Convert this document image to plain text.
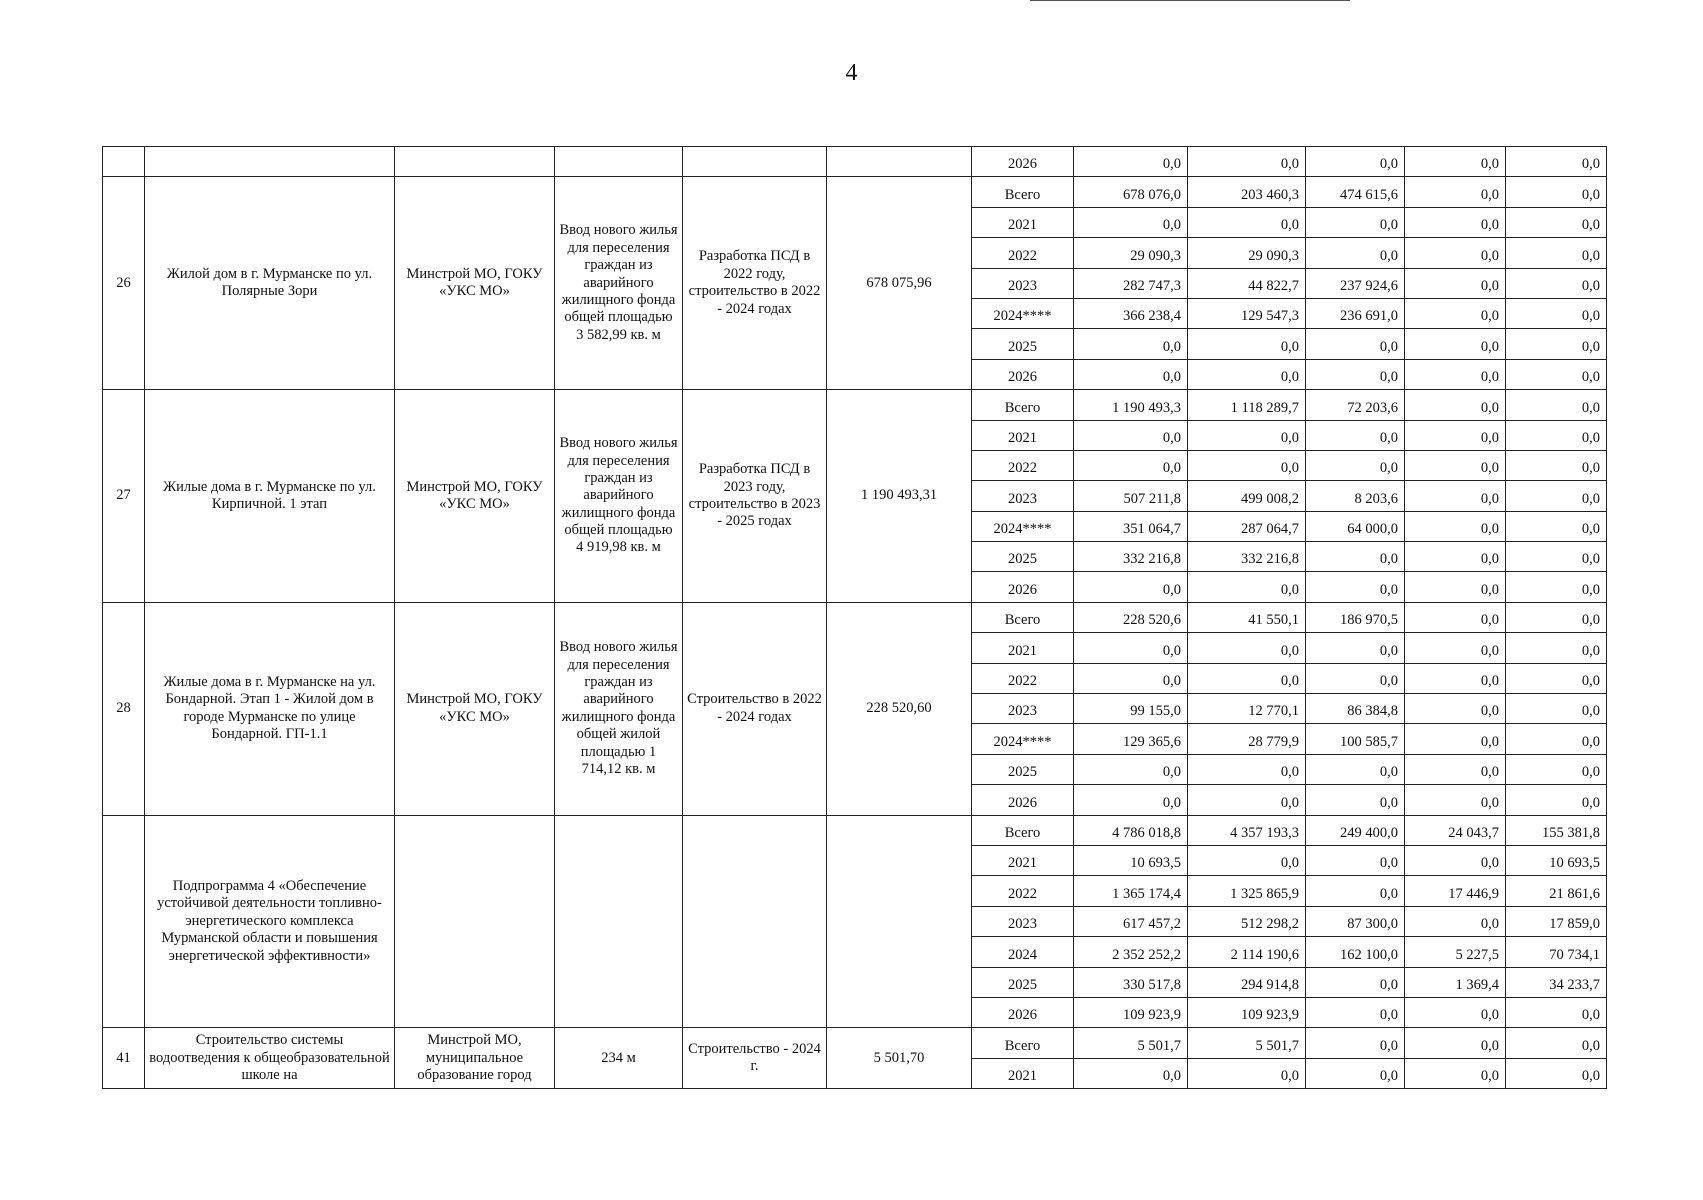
4
						2026	0,0	0,0	0,0	0,0	0,0
26	Жилой дом в г. Мурманске по ул. Полярные Зори	Минстрой МО, ГОКУ «УКС МО»	Ввод нового жилья для переселения граждан из аварийного жилищного фонда общей площадью 3 582,99 кв. м	Разработка ПСД в 2022 году, строительство в 2022 - 2024 годах	678 075,96	Всего	678 076,0	203 460,3	474 615,6	0,0	0,0
						2021	0,0	0,0	0,0	0,0	0,0
						2022	29 090,3	29 090,3	0,0	0,0	0,0
						2023	282 747,3	44 822,7	237 924,6	0,0	0,0
						2024****	366 238,4	129 547,3	236 691,0	0,0	0,0
						2025	0,0	0,0	0,0	0,0	0,0
						2026	0,0	0,0	0,0	0,0	0,0
27	Жилые дома в г. Мурманске по ул. Кирпичной. 1 этап	Минстрой МО, ГОКУ «УКС МО»	Ввод нового жилья для переселения граждан из аварийного жилищного фонда общей площадью 4 919,98 кв. м	Разработка ПСД в 2023 году, строительство в 2023 - 2025 годах	1 190 493,31	Всего	1 190 493,3	1 118 289,7	72 203,6	0,0	0,0
						2021	0,0	0,0	0,0	0,0	0,0
						2022	0,0	0,0	0,0	0,0	0,0
						2023	507 211,8	499 008,2	8 203,6	0,0	0,0
						2024****	351 064,7	287 064,7	64 000,0	0,0	0,0
						2025	332 216,8	332 216,8	0,0	0,0	0,0
						2026	0,0	0,0	0,0	0,0	0,0
28	Жилые дома в г. Мурманске на ул. Бондарной. Этап 1 - Жилой дом в городе Мурманске по улице Бондарной. ГП-1.1	Минстрой МО, ГОКУ «УКС МО»	Ввод нового жилья для переселения граждан из аварийного жилищного фонда общей жилой площадью 1 714,12 кв. м	Строительство в 2022 - 2024 годах	228 520,60	Всего	228 520,6	41 550,1	186 970,5	0,0	0,0
						2021	0,0	0,0	0,0	0,0	0,0
						2022	0,0	0,0	0,0	0,0	0,0
						2023	99 155,0	12 770,1	86 384,8	0,0	0,0
						2024****	129 365,6	28 779,9	100 585,7	0,0	0,0
						2025	0,0	0,0	0,0	0,0	0,0
						2026	0,0	0,0	0,0	0,0	0,0
	Подпрограмма 4 «Обеспечение устойчивой деятельности топливно-энергетического комплекса Мурманской области и повышения энергетической эффективности»					Всего	4 786 018,8	4 357 193,3	249 400,0	24 043,7	155 381,8
						2021	10 693,5	0,0	0,0	0,0	10 693,5
						2022	1 365 174,4	1 325 865,9	0,0	17 446,9	21 861,6
						2023	617 457,2	512 298,2	87 300,0	0,0	17 859,0
						2024	2 352 252,2	2 114 190,6	162 100,0	5 227,5	70 734,1
						2025	330 517,8	294 914,8	0,0	1 369,4	34 233,7
						2026	109 923,9	109 923,9	0,0	0,0	0,0
41	Строительство системы водоотведения к общеобразовательной школе на	Минстрой МО, муниципальное образование город	234 м	Строительство - 2024 г.	5 501,70	Всего	5 501,7	5 501,7	0,0	0,0	0,0
						2021	0,0	0,0	0,0	0,0	0,0
